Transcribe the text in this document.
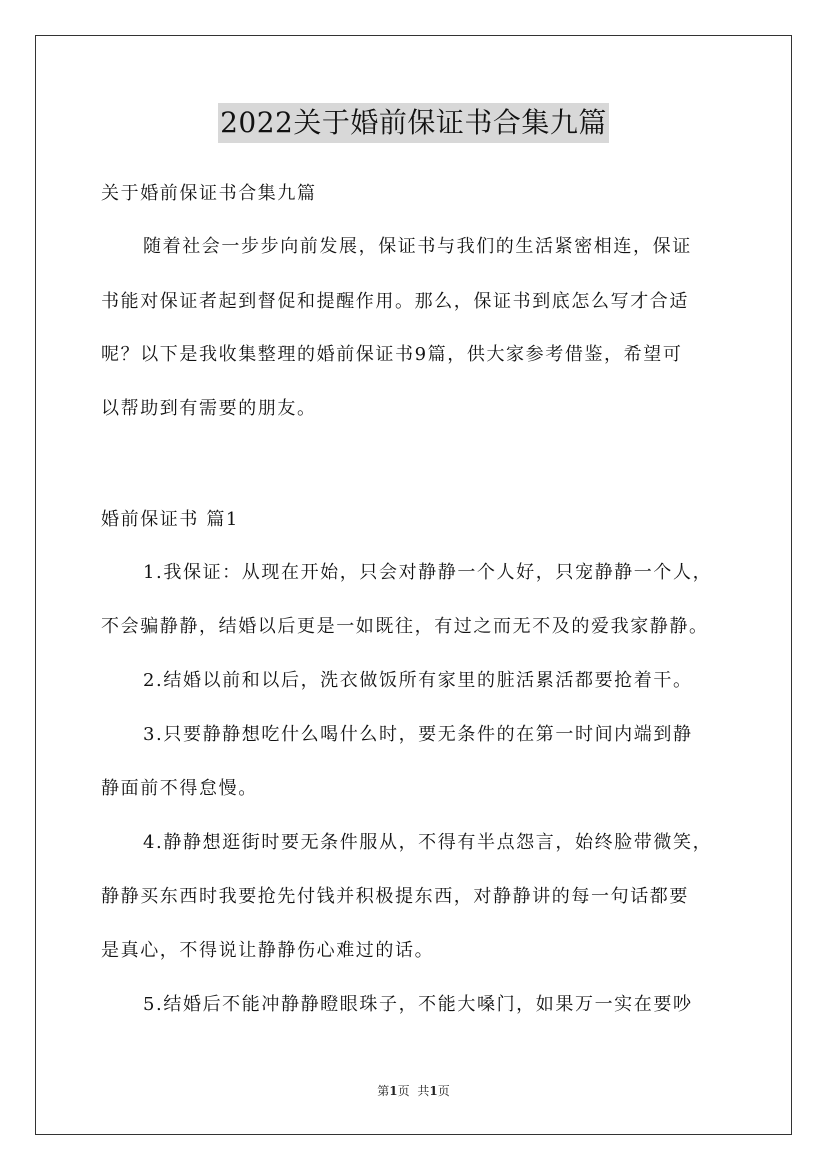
2022关于婚前保证书合集九篇
关于婚前保证书合集九篇
随着社会一步步向前发展，保证书与我们的生活紧密相连，保证
书能对保证者起到督促和提醒作用。那么，保证书到底怎么写才合适
呢？以下是我收集整理的婚前保证书9篇，供大家参考借鉴，希望可
以帮助到有需要的朋友。
婚前保证书 篇1
1.我保证：从现在开始，只会对静静一个人好，只宠静静一个人，
不会骗静静，结婚以后更是一如既往，有过之而无不及的爱我家静静。
2.结婚以前和以后，洗衣做饭所有家里的脏活累活都要抢着干。
3.只要静静想吃什么喝什么时，要无条件的在第一时间内端到静
静面前不得怠慢。
4.静静想逛街时要无条件服从，不得有半点怨言，始终脸带微笑，
静静买东西时我要抢先付钱并积极提东西，对静静讲的每一句话都要
是真心，不得说让静静伤心难过的话。
5.结婚后不能冲静静瞪眼珠子，不能大嗓门，如果万一实在要吵
第1页 共1页
